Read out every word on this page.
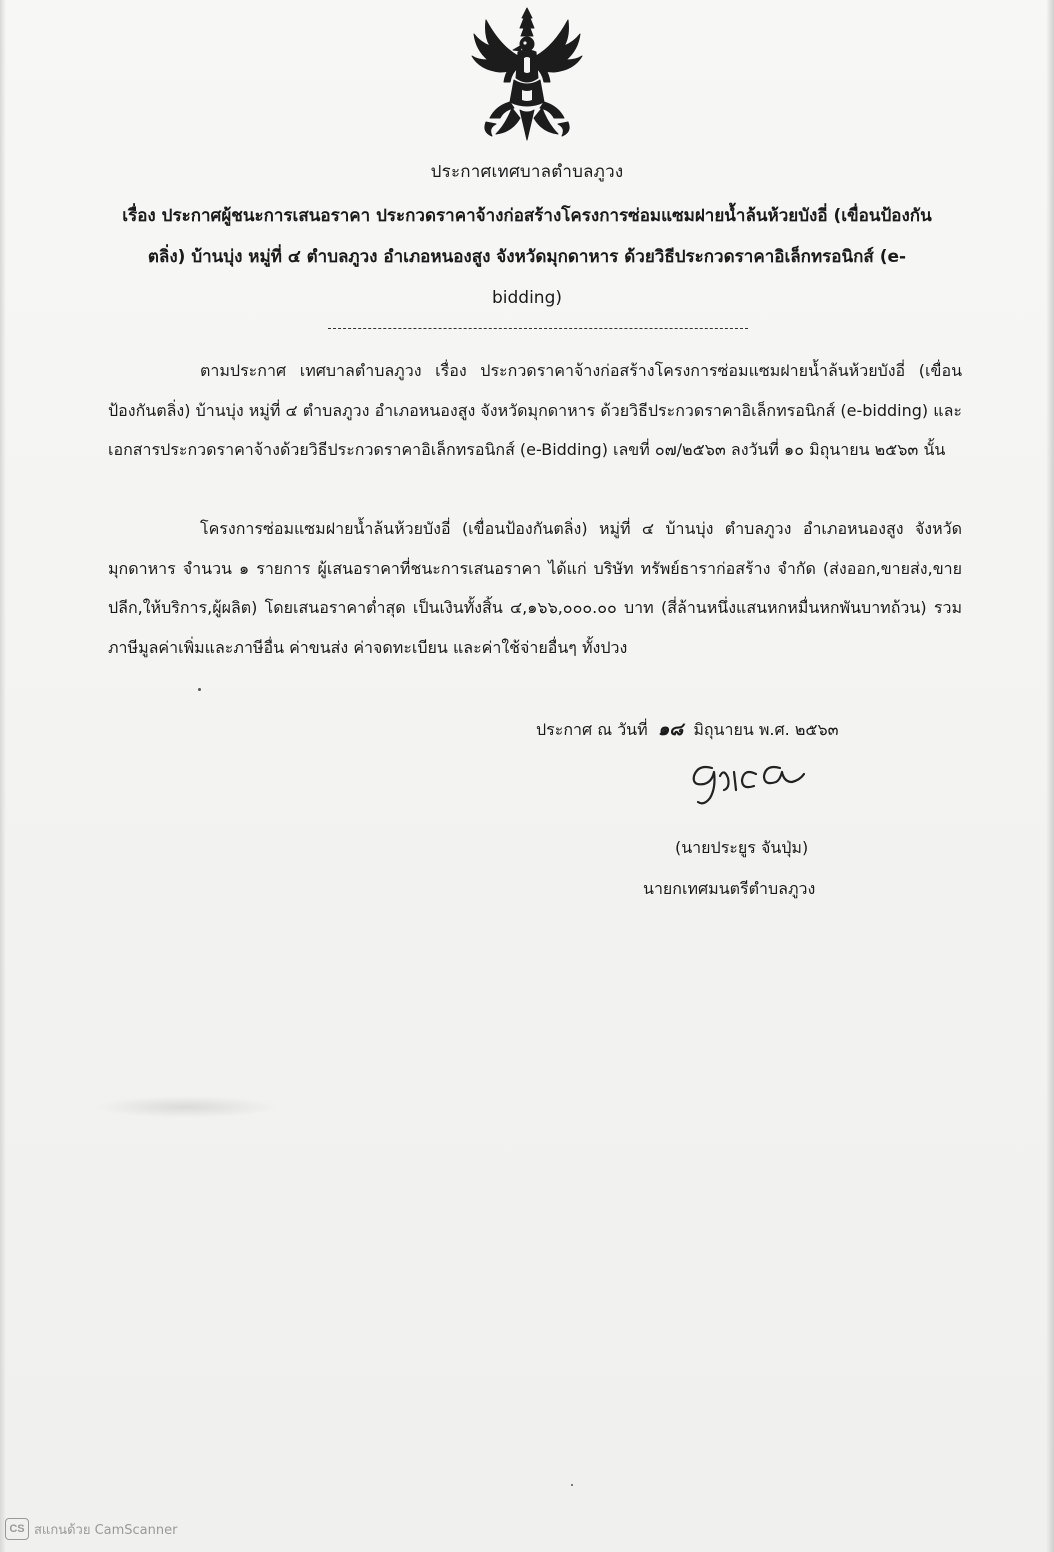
ประกาศเทศบาลตำบลภูวง
เรื่อง ประกาศผู้ชนะการเสนอราคา ประกวดราคาจ้างก่อสร้างโครงการซ่อมแซมฝายน้ำล้นห้วยบังอี่ (เขื่อนป้องกัน
ตลิ่ง) บ้านบุ่ง หมู่ที่ ๔ ตำบลภูวง อำเภอหนองสูง จังหวัดมุกดาหาร ด้วยวิธีประกวดราคาอิเล็กทรอนิกส์ (e-
bidding)
ตามประกาศ เทศบาลตำบลภูวง เรื่อง ประกวดราคาจ้างก่อสร้างโครงการซ่อมแซมฝายน้ำล้นห้วยบังอี่ (เขื่อนป้องกันตลิ่ง) บ้านบุ่ง หมู่ที่ ๔ ตำบลภูวง อำเภอหนองสูง จังหวัดมุกดาหาร ด้วยวิธีประกวดราคาอิเล็กทรอนิกส์ (e-bidding) และเอกสารประกวดราคาจ้างด้วยวิธีประกวดราคาอิเล็กทรอนิกส์ (e-Bidding) เลขที่ ๐๗/๒๕๖๓ ลงวันที่ ๑๐ มิถุนายน ๒๕๖๓ นั้น
โครงการซ่อมแซมฝายน้ำล้นห้วยบังอี่ (เขื่อนป้องกันตลิ่ง) หมู่ที่ ๔ บ้านบุ่ง ตำบลภูวง อำเภอหนองสูง จังหวัดมุกดาหาร จำนวน ๑ รายการ ผู้เสนอราคาที่ชนะการเสนอราคา ได้แก่ บริษัท ทรัพย์ธาราก่อสร้าง จำกัด (ส่งออก,ขายส่ง,ขายปลีก,ให้บริการ,ผู้ผลิต) โดยเสนอราคาต่ำสุด เป็นเงินทั้งสิ้น ๔,๑๖๖,๐๐๐.๐๐ บาท (สี่ล้านหนึ่งแสนหกหมื่นหกพันบาทถ้วน) รวมภาษีมูลค่าเพิ่มและภาษีอื่น ค่าขนส่ง ค่าจดทะเบียน และค่าใช้จ่ายอื่นๆ ทั้งปวง
ประกาศ ณ วันที่ ๑๘ มิถุนายน พ.ศ. ๒๕๖๓
(นายประยูร จันปุ่ม)
นายกเทศมนตรีตำบลภูวง
CS สแกนด้วย CamScanner
